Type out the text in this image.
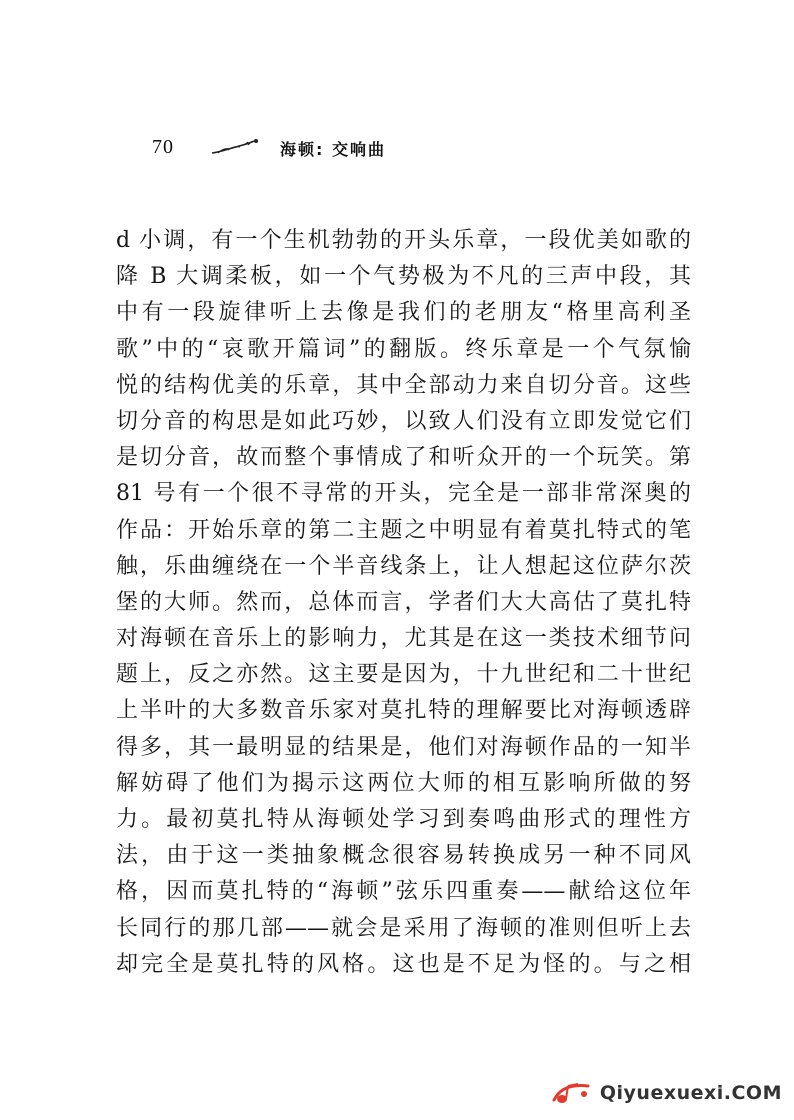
70	海顿: 交响曲
d 小调，有一个生机勃勃的开头乐章，一段优美如歌的
降 B 大调柔板，如一个气势极为不凡的三声中段，其
中有一段旋律听上去像是我们的老朋友“格里高利圣
歌”中的“哀歌开篇词”的翻版。终乐章是一个气氛愉
悦的结构优美的乐章，其中全部动力来自切分音。这些
切分音的构思是如此巧妙，以致人们没有立即发觉它们
是切分音，故而整个事情成了和听众开的一个玩笑。第
81 号有一个很不寻常的开头，完全是一部非常深奥的
作品：开始乐章的第二主题之中明显有着莫扎特式的笔
触，乐曲缠绕在一个半音线条上，让人想起这位萨尔茨
堡的大师。然而，总体而言，学者们大大高估了莫扎特
对海顿在音乐上的影响力，尤其是在这一类技术细节问
题上，反之亦然。这主要是因为，十九世纪和二十世纪
上半叶的大多数音乐家对莫扎特的理解要比对海顿透辟
得多，其一最明显的结果是，他们对海顿作品的一知半
解妨碍了他们为揭示这两位大师的相互影响所做的努
力。最初莫扎特从海顿处学习到奏鸣曲形式的理性方
法，由于这一类抽象概念很容易转换成另一种不同风
格，因而莫扎特的“海顿”弦乐四重奏——献给这位年
长同行的那几部——就会是采用了海顿的准则但听上去
却完全是莫扎特的风格。这也是不足为怪的。与之相
Qiyuexuexi.COM
